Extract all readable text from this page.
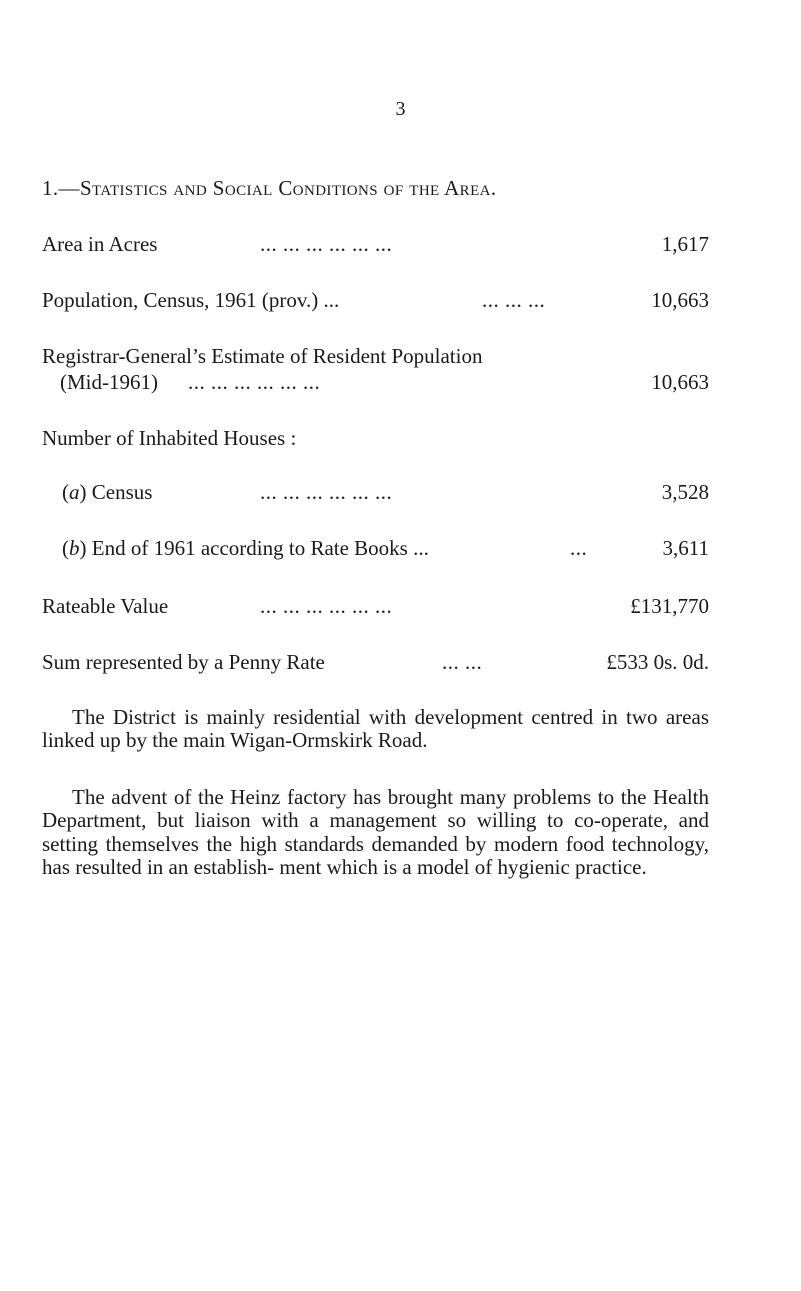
3
1.—Statistics and Social Conditions of the Area.
Area in Acres	... ... ... ... ... ...	1,617
Population, Census, 1961 (prov.) ...	... ... ...	10,663
Registrar-General’s Estimate of Resident Population
(Mid-1961) ... ... ... ... ... ...	10,663
Number of Inhabited Houses :
(a) Census	... ... ... ... ... ...	3,528
(b) End of 1961 according to Rate Books ...	...	3,611
Rateable Value	... ... ... ... ... ...	£131,770
Sum represented by a Penny Rate	... ...	£533 0s. 0d.
The District is mainly residential with development centred in two areas linked up by the main Wigan-Ormskirk Road.
The advent of the Heinz factory has brought many problems to the Health Department, but liaison with a management so willing to co-operate, and setting themselves the high standards demanded by modern food technology, has resulted in an establish- ment which is a model of hygienic practice.
